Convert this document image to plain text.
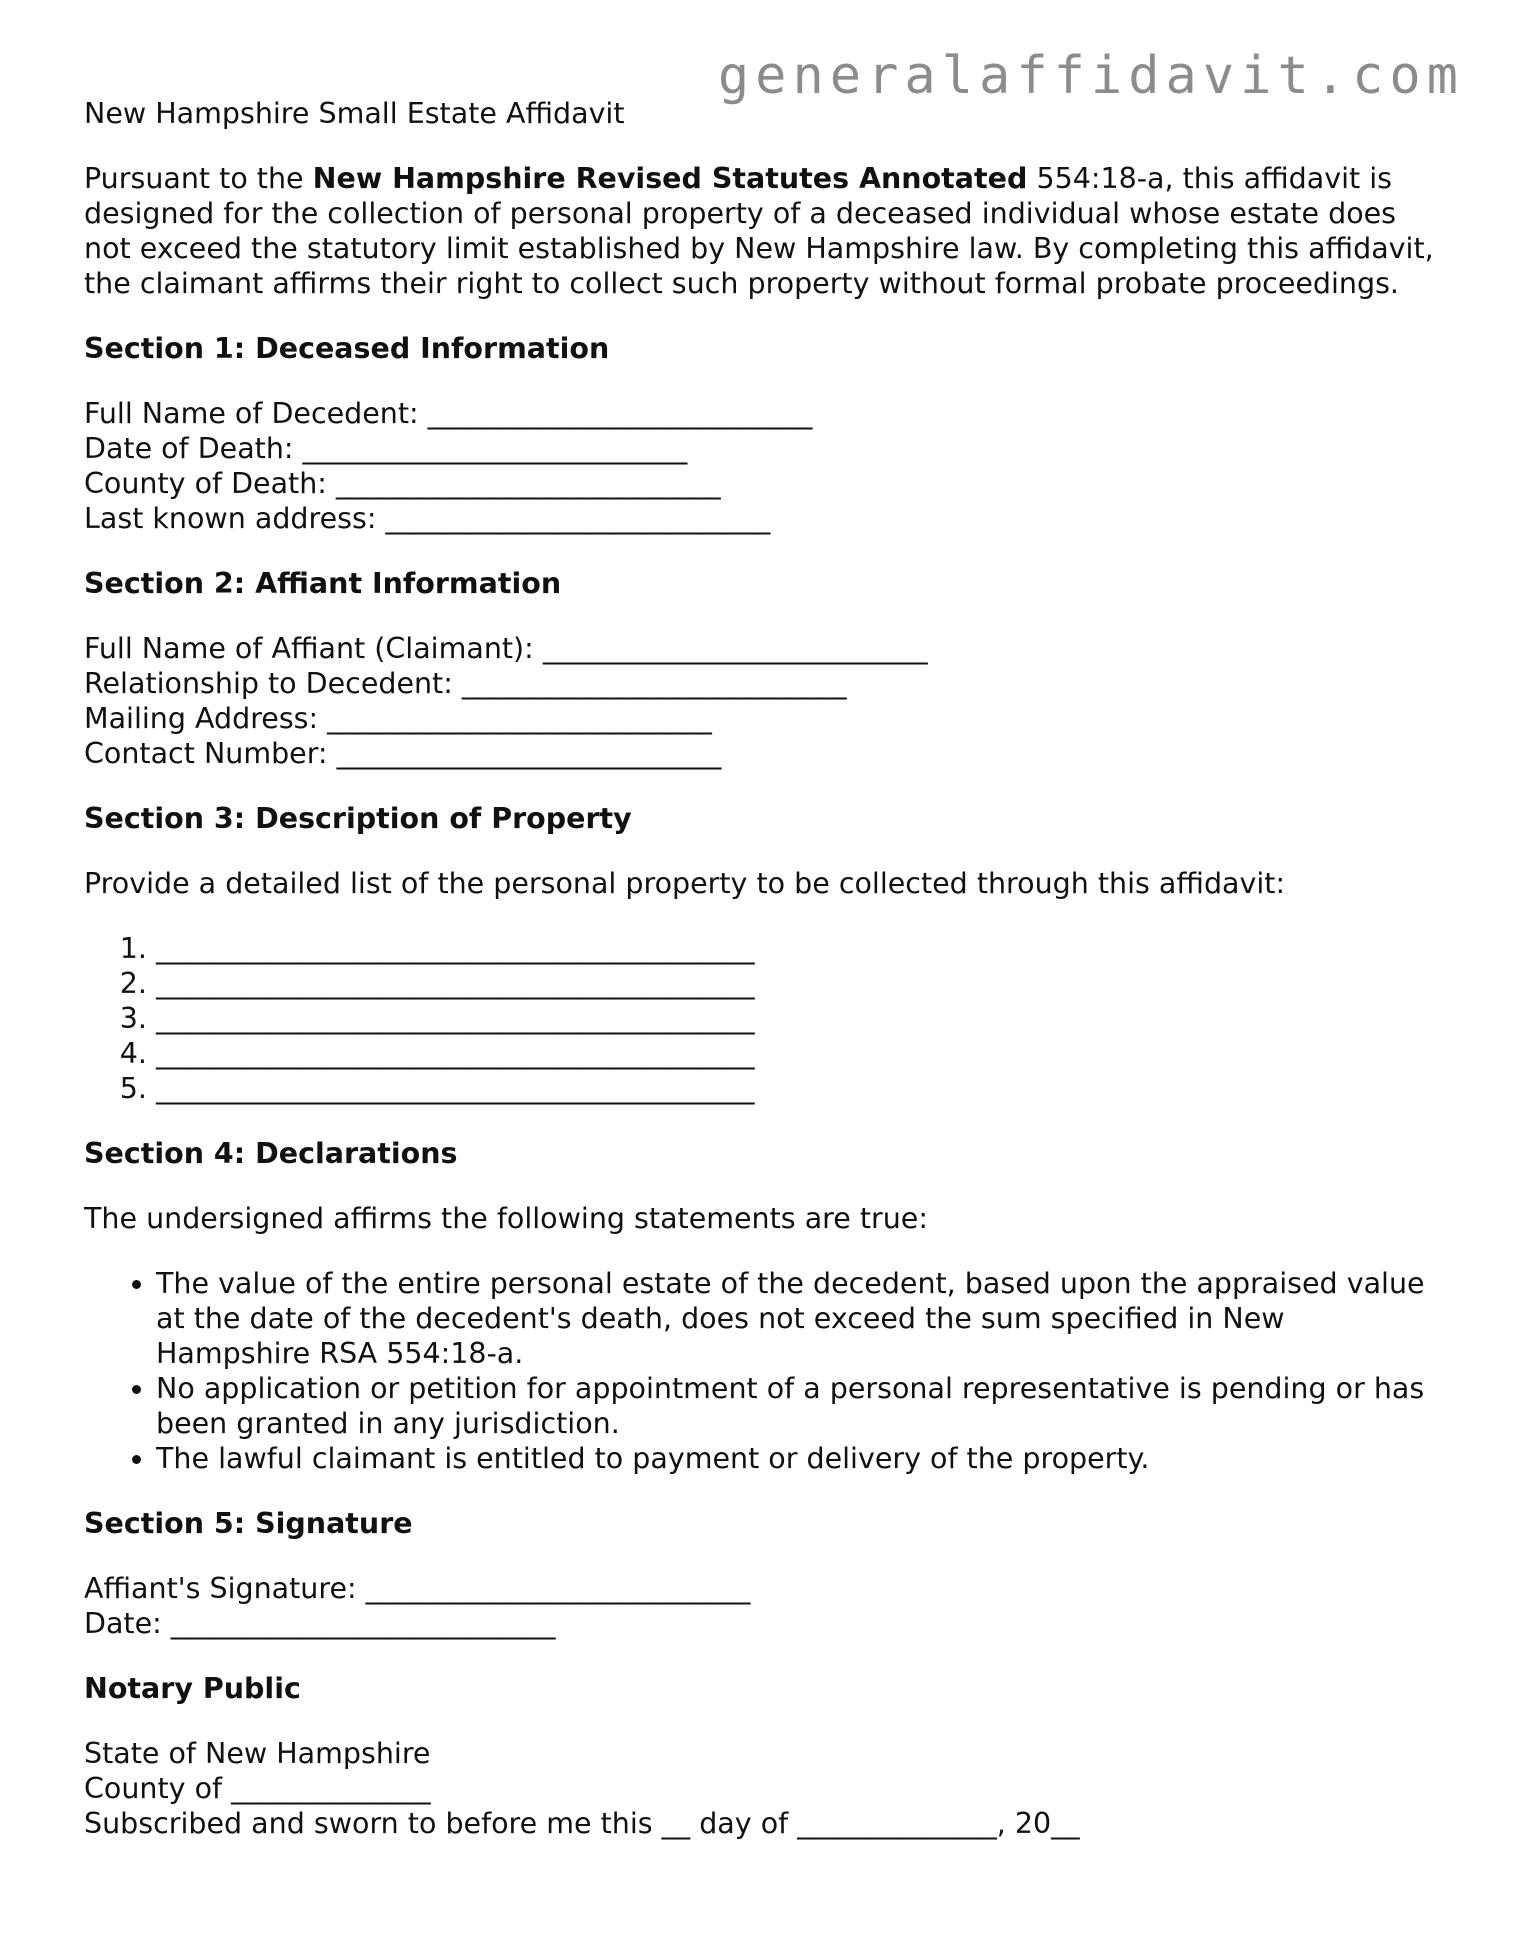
generalaffidavit.com
New Hampshire Small Estate Affidavit
Pursuant to the New Hampshire Revised Statutes Annotated 554:18-a, this affidavit is designed for the collection of personal property of a deceased individual whose estate does not exceed the statutory limit established by New Hampshire law. By completing this affidavit, the claimant affirms their right to collect such property without formal probate proceedings.
Section 1: Deceased Information
Full Name of Decedent: ___________________________
Date of Death: ___________________________
County of Death: ___________________________
Last known address: ___________________________
Section 2: Affiant Information
Full Name of Affiant (Claimant): ___________________________
Relationship to Decedent: ___________________________
Mailing Address: ___________________________
Contact Number: ___________________________
Section 3: Description of Property
Provide a detailed list of the personal property to be collected through this affidavit:
1. __________________________________________
2. __________________________________________
3. __________________________________________
4. __________________________________________
5. __________________________________________
Section 4: Declarations
The undersigned affirms the following statements are true:
• The value of the entire personal estate of the decedent, based upon the appraised value at the date of the decedent's death, does not exceed the sum specified in New Hampshire RSA 554:18-a.
• No application or petition for appointment of a personal representative is pending or has been granted in any jurisdiction.
• The lawful claimant is entitled to payment or delivery of the property.
Section 5: Signature
Affiant's Signature: ___________________________
Date: ___________________________
Notary Public
State of New Hampshire
County of ______________
Subscribed and sworn to before me this __ day of ______________, 20__
